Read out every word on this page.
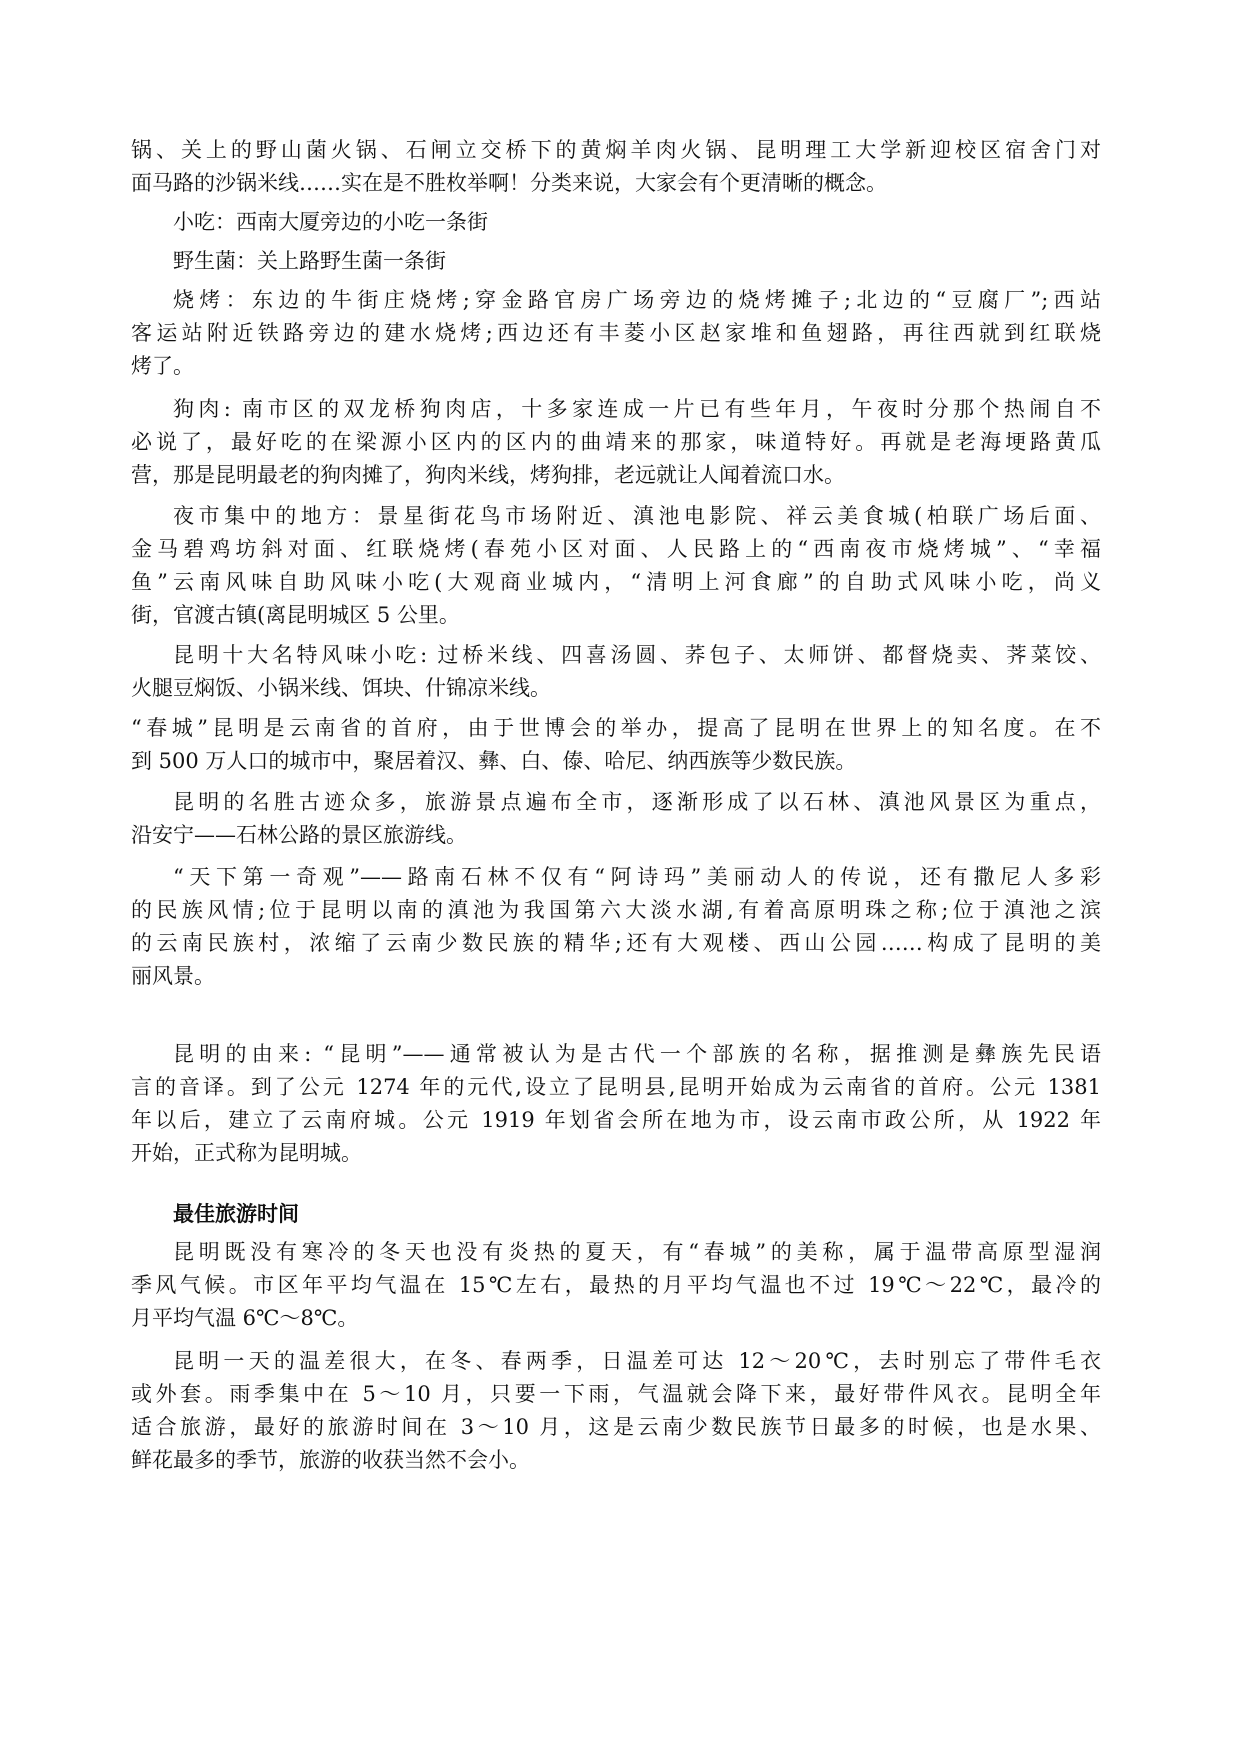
锅、关上的野山菌火锅、石闸立交桥下的黄焖羊肉火锅、昆明理工大学新迎校区宿舍门对
面马路的沙锅米线……实在是不胜枚举啊！分类来说，大家会有个更清晰的概念。
小吃：西南大厦旁边的小吃一条街
野生菌：关上路野生菌一条街
烧烤：东边的牛街庄烧烤;穿金路官房广场旁边的烧烤摊子;北边的“豆腐厂”;西站
客运站附近铁路旁边的建水烧烤;西边还有丰菱小区赵家堆和鱼翅路，再往西就到红联烧
烤了。
狗肉: 南市区的双龙桥狗肉店，十多家连成一片已有些年月，午夜时分那个热闹自不
必说了，最好吃的在梁源小区内的区内的曲靖来的那家，味道特好。再就是老海埂路黄瓜
营，那是昆明最老的狗肉摊了，狗肉米线，烤狗排，老远就让人闻着流口水。
夜市集中的地方：景星街花鸟市场附近、滇池电影院、祥云美食城(柏联广场后面、
金马碧鸡坊斜对面、红联烧烤(春苑小区对面、人民路上的“西南夜市烧烤城”、“幸福
鱼”云南风味自助风味小吃(大观商业城内，“清明上河食廊”的自助式风味小吃，尚义
街，官渡古镇(离昆明城区 5 公里。
昆明十大名特风味小吃: 过桥米线、四喜汤圆、荞包子、太师饼、都督烧卖、荠菜饺、
火腿豆焖饭、小锅米线、饵块、什锦凉米线。
“春城”昆明是云南省的首府，由于世博会的举办，提高了昆明在世界上的知名度。在不
到 500 万人口的城市中，聚居着汉、彝、白、傣、哈尼、纳西族等少数民族。
昆明的名胜古迹众多，旅游景点遍布全市，逐渐形成了以石林、滇池风景区为重点，
沿安宁——石林公路的景区旅游线。
“天下第一奇观”——路南石林不仅有“阿诗玛”美丽动人的传说，还有撒尼人多彩
的民族风情;位于昆明以南的滇池为我国第六大淡水湖,有着高原明珠之称;位于滇池之滨
的云南民族村，浓缩了云南少数民族的精华;还有大观楼、西山公园……构成了昆明的美
丽风景。
昆明的由来: “昆明”——通常被认为是古代一个部族的名称，据推测是彝族先民语
言的音译。到了公元 1274 年的元代,设立了昆明县,昆明开始成为云南省的首府。公元 1381
年以后，建立了云南府城。公元 1919 年划省会所在地为市，设云南市政公所，从 1922 年
开始，正式称为昆明城。
昆明既没有寒冷的冬天也没有炎热的夏天，有“春城”的美称，属于温带高原型湿润
季风气候。市区年平均气温在 15℃左右，最热的月平均气温也不过 19℃～22℃，最冷的
月平均气温 6℃～8℃。
昆明一天的温差很大，在冬、春两季，日温差可达 12～20℃，去时别忘了带件毛衣
或外套。雨季集中在 5～10 月，只要一下雨，气温就会降下来，最好带件风衣。昆明全年
适合旅游，最好的旅游时间在 3～10 月，这是云南少数民族节日最多的时候，也是水果、
鲜花最多的季节，旅游的收获当然不会小。
最佳旅游时间
